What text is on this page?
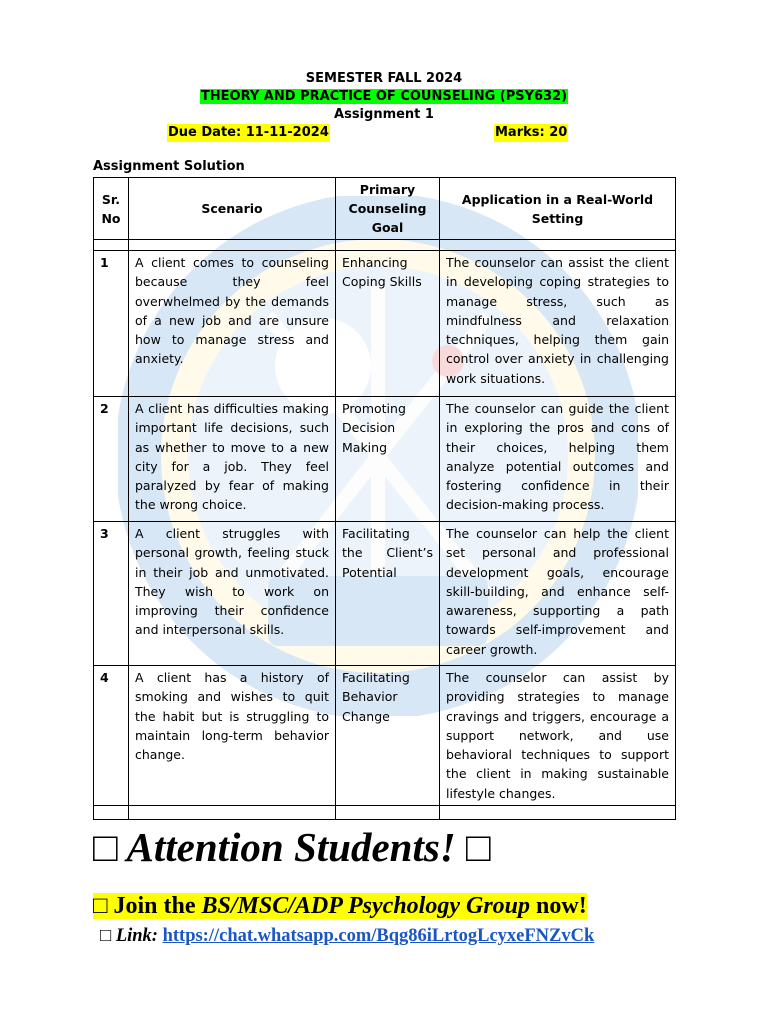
SEMESTER FALL 2024
THEORY AND PRACTICE OF COUNSELING (PSY632)
Assignment 1
Due Date: 11-11-2024	Marks: 20
Assignment Solution
Sr. No	Scenario	Primary Counseling Goal	Application in a Real-World Setting

1	A client comes to counseling because they feel overwhelmed by the demands of a new job and are unsure how to manage stress and anxiety.	Enhancing Coping Skills	The counselor can assist the client in developing coping strategies to manage stress, such as mindfulness and relaxation techniques, helping them gain control over anxiety in challenging work situations.
2	A client has difficulties making important life decisions, such as whether to move to a new city for a job. They feel paralyzed by fear of making the wrong choice.	Promoting Decision Making	The counselor can guide the client in exploring the pros and cons of their choices, helping them analyze potential outcomes and fostering confidence in their decision-making process.
3	A client struggles with personal growth, feeling stuck in their job and unmotivated. They wish to work on improving their confidence and interpersonal skills.	Facilitating the Client’s Potential	The counselor can help the client set personal and professional development goals, encourage skill-building, and enhance self-awareness, supporting a path towards self-improvement and career growth.
4	A client has a history of smoking and wishes to quit the habit but is struggling to maintain long-term behavior change.	Facilitating Behavior Change	The counselor can assist by providing strategies to manage cravings and triggers, encourage a support network, and use behavioral techniques to support the client in making sustainable lifestyle changes.

□ Attention Students! □
□ Join the BS/MSC/ADP Psychology Group now!
□ Link: https://chat.whatsapp.com/Bqg86iLrtogLcyxeFNZvCk
